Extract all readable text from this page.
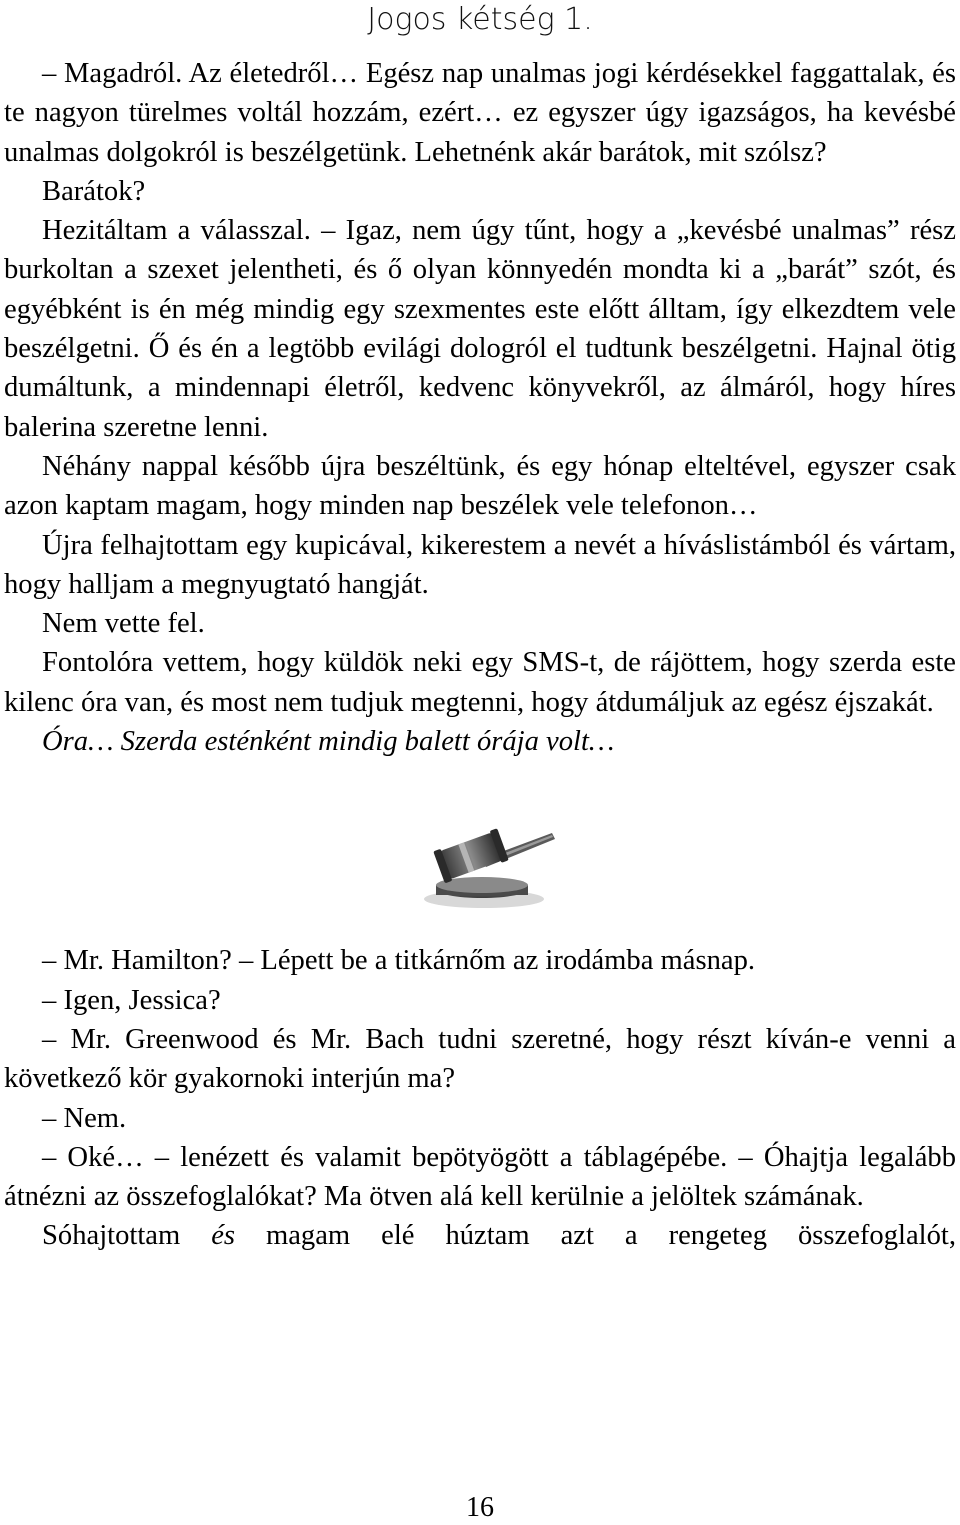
Jogos kétség 1.

– Magadról. Az életedről… Egész nap unalmas jogi kérdésekkel faggattalak, és te nagyon türelmes voltál hozzám, ezért… ez egyszer úgy igazságos, ha kevésbé unalmas dolgokról is beszélgetünk. Lehetnénk akár barátok, mit szólsz?

Barátok?

Hezitáltam a válasszal. – Igaz, nem úgy tűnt, hogy a „kevésbé unalmas” rész burkoltan a szexet jelentheti, és ő olyan könnyedén mondta ki a „barát” szót, és egyébként is én még mindig egy szexmentes este előtt álltam, így elkezdtem vele beszélgetni. Ő és én a legtöbb evilági dologról el tudtunk beszélgetni. Hajnal ötig dumáltunk, a mindennapi életről, kedvenc könyvekről, az álmáról, hogy híres balerina szeretne lenni.

Néhány nappal később újra beszéltünk, és egy hónap elteltével, egyszer csak azon kaptam magam, hogy minden nap beszélek vele telefonon…

Újra felhajtottam egy kupicával, kikerestem a nevét a híváslistámból és vártam, hogy halljam a megnyugtató hangját.

Nem vette fel.

Fontolóra vettem, hogy küldök neki egy SMS-t, de rájöttem, hogy szerda este kilenc óra van, és most nem tudjuk megtenni, hogy átdumáljuk az egész éjszakát.

Óra… Szerda esténként mindig balett órája volt…

– Mr. Hamilton? – Lépett be a titkárnőm az irodámba másnap.

– Igen, Jessica?

– Mr. Greenwood és Mr. Bach tudni szeretné, hogy részt kíván-e venni a következő kör gyakornoki interjún ma?

– Nem.

– Oké… – lenézett és valamit bepötyögött a táblagépébe. – Óhajtja legalább átnézni az összefoglalókat? Ma ötven alá kell kerülnie a jelöltek számának.

Sóhajtottam és magam elé húztam azt a rengeteg összefoglalót,

16
